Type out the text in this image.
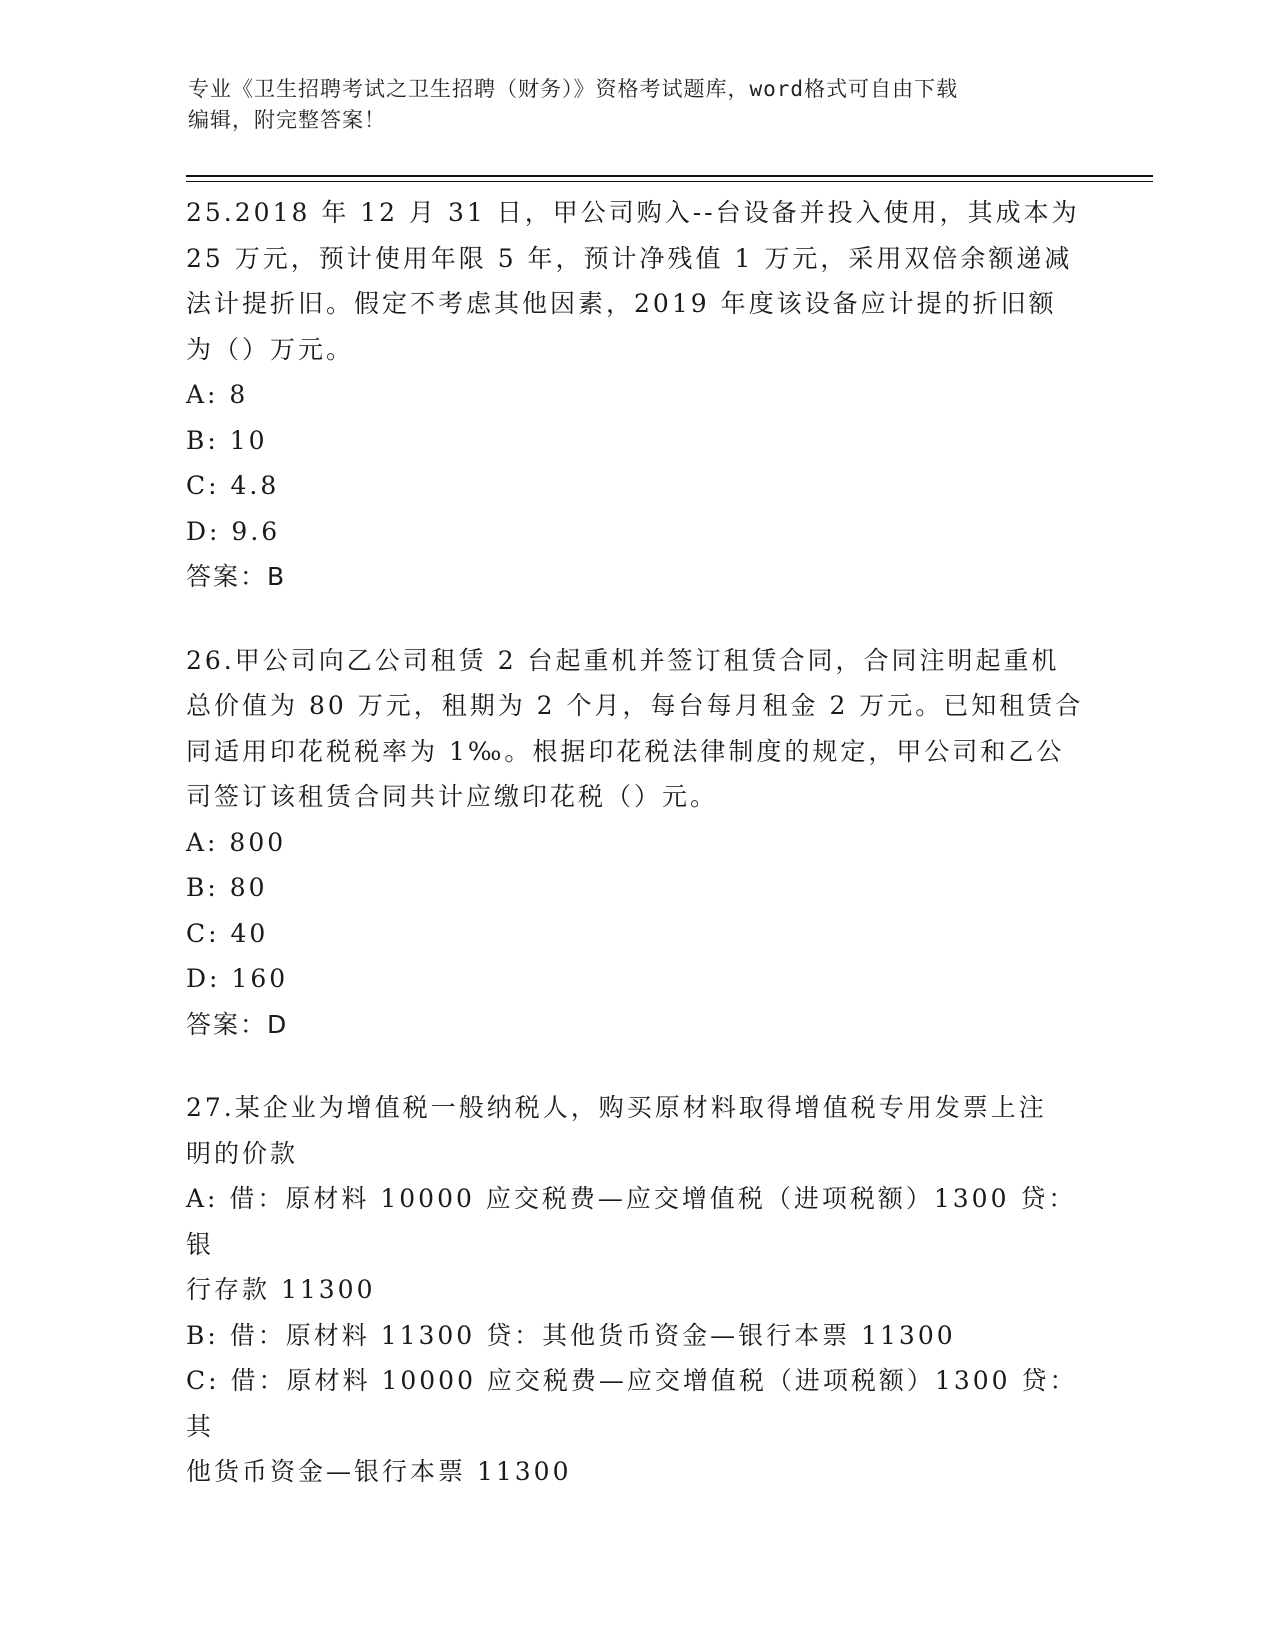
专业《卫生招聘考试之卫生招聘（财务）》资格考试题库，word格式可自由下载
编辑，附完整答案！

25.2018 年 12 月 31 日，甲公司购入--台设备并投入使用，其成本为

25 万元，预计使用年限 5 年，预计净残值 1 万元，采用双倍余额递减

法计提折旧。假定不考虑其他因素，2019 年度该设备应计提的折旧额

为（）万元。

A: 8

B: 10

C: 4.8

D: 9.6

答案：B

26.甲公司向乙公司租赁 2 台起重机并签订租赁合同，合同注明起重机

总价值为 80 万元，租期为 2 个月，每台每月租金 2 万元。已知租赁合

同适用印花税税率为 1‰。根据印花税法律制度的规定，甲公司和乙公

司签订该租赁合同共计应缴印花税（）元。

A: 800

B: 80

C: 40

D: 160

答案：D

27.某企业为增值税一般纳税人，购买原材料取得增值税专用发票上注

明的价款

A: 借：原材料 10000 应交税费—应交增值税（进项税额）1300 贷：银

行存款 11300

B: 借：原材料 11300 贷：其他货币资金—银行本票 11300

C: 借：原材料 10000 应交税费—应交增值税（进项税额）1300 贷：其

他货币资金—银行本票 11300
